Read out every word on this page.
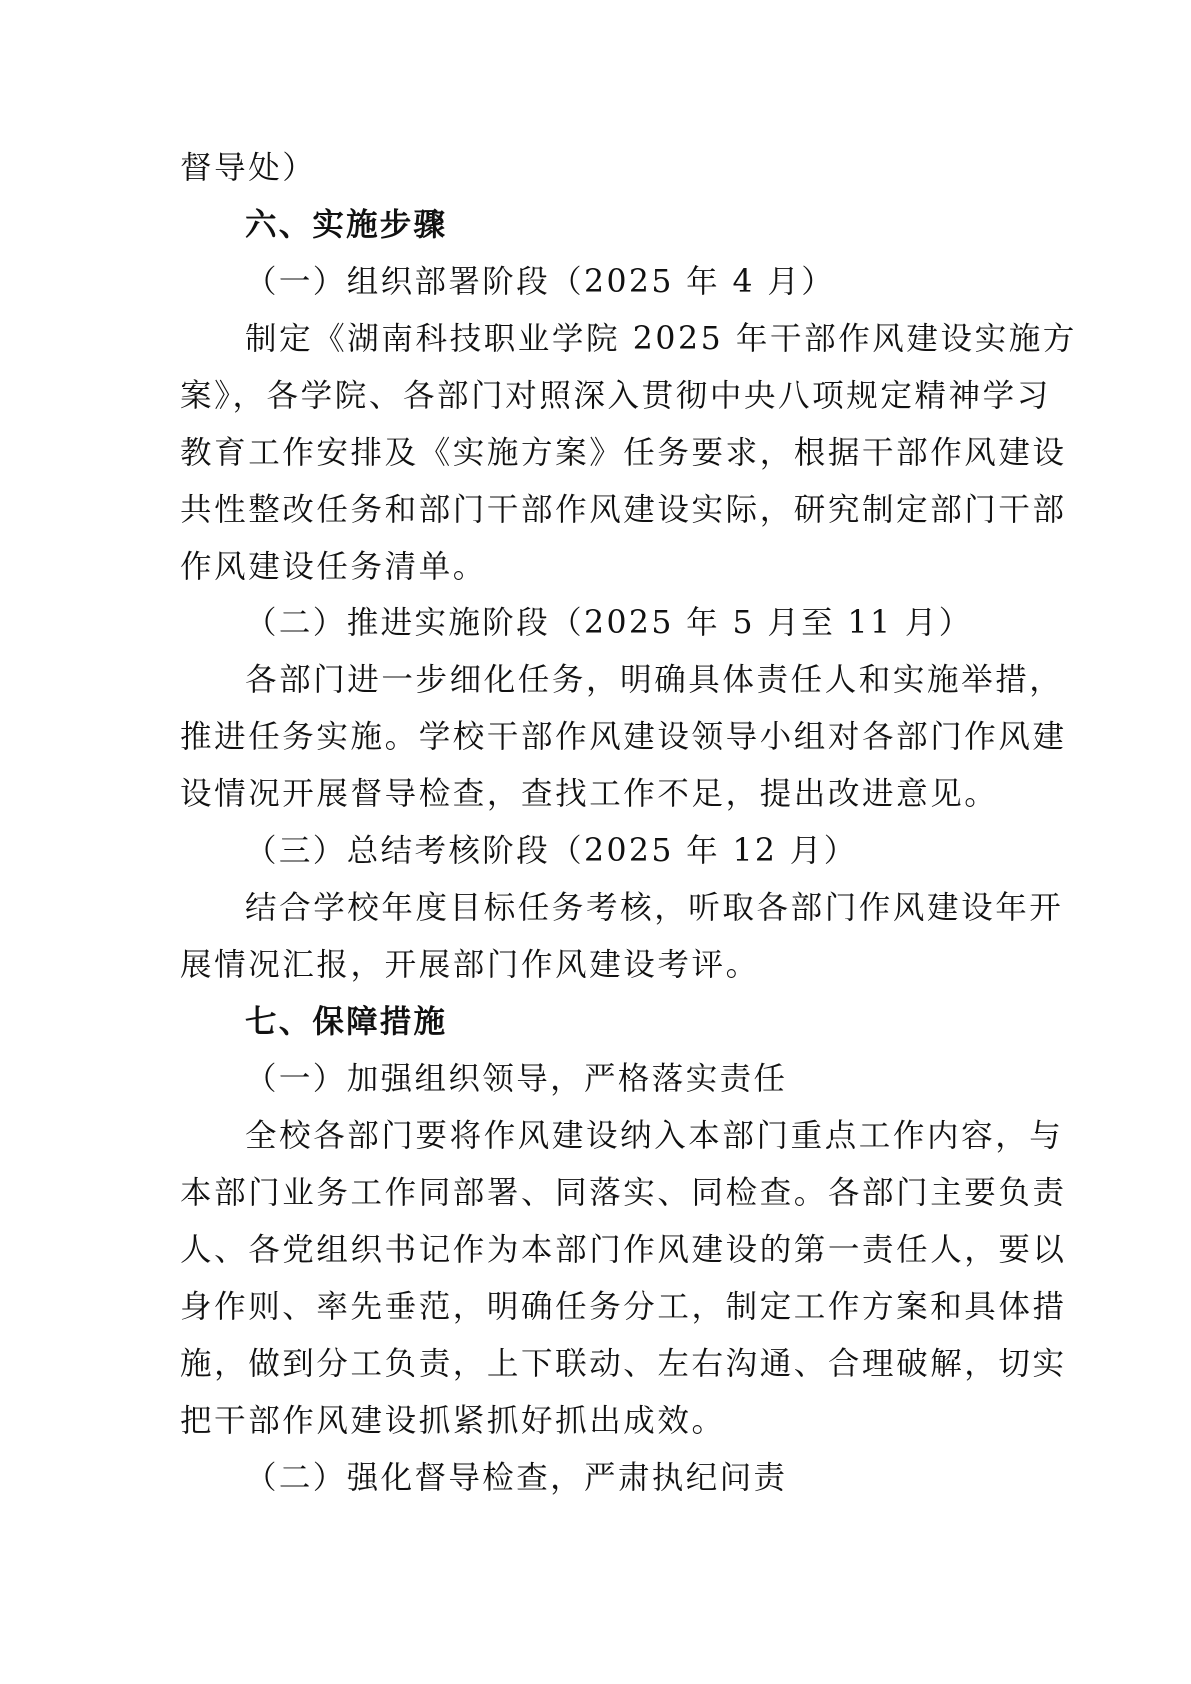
督导处）

六、实施步骤

（一）组织部署阶段（2025 年 4 月）

制定《湖南科技职业学院 2025 年干部作风建设实施方

案》，各学院、各部门对照深入贯彻中央八项规定精神学习

教育工作安排及《实施方案》任务要求，根据干部作风建设

共性整改任务和部门干部作风建设实际，研究制定部门干部

作风建设任务清单。

（二）推进实施阶段（2025 年 5 月至 11 月）

各部门进一步细化任务，明确具体责任人和实施举措，

推进任务实施。学校干部作风建设领导小组对各部门作风建

设情况开展督导检查，查找工作不足，提出改进意见。

（三）总结考核阶段（2025 年 12 月）

结合学校年度目标任务考核，听取各部门作风建设年开

展情况汇报，开展部门作风建设考评。

七、保障措施

（一）加强组织领导，严格落实责任

全校各部门要将作风建设纳入本部门重点工作内容，与

本部门业务工作同部署、同落实、同检查。各部门主要负责

人、各党组织书记作为本部门作风建设的第一责任人，要以

身作则、率先垂范，明确任务分工，制定工作方案和具体措

施，做到分工负责，上下联动、左右沟通、合理破解，切实

把干部作风建设抓紧抓好抓出成效。

（二）强化督导检查，严肃执纪问责
